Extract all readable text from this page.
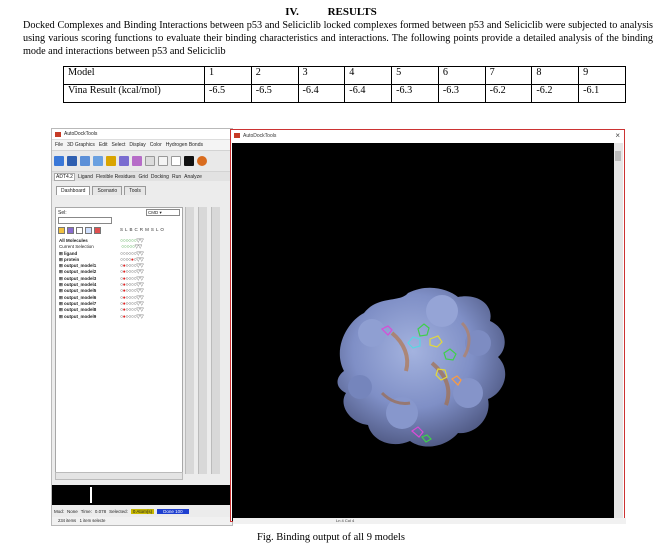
IV.	RESULTS
Docked Complexes and Binding Interactions between p53 and Seliciclib locked complexes formed between p53 and Seliciclib were subjected to analysis using various scoring functions to evaluate their binding characteristics and interactions. The following points provide a detailed analysis of the binding mode and interactions between p53 and Seliciclib
Model	1	2	3	4	5	6	7	8	9
Vina Result (kcal/mol)	-6.5	-6.5	-6.4	-6.4	-6.3	-6.3	-6.2	-6.2	-6.1
AutoDockTools
File 3D Graphics Edit Select Display Color Hydrogen Bonds
ADT4.2	Ligand Flexible Residues Grid Docking Run Analyze
Dashboard	Scenario	Tools
Sel:	CMD ▾
S L B C R M S L O
All Molecules
Current Selection
⊞ ligand
⊞ protein
⊞ output_model1
⊞ output_model2
⊞ output_model3
⊞ output_model4
⊞ output_model5
⊞ output_model6
⊞ output_model7
⊞ output_model8
⊞ output_model9
○○○○○○▽▽
○○○○○▽▽
○○○○○○▽▽
○○○○●○▽▽
○●○○○○▽▽
○●○○○○▽▽
○●○○○○▽▽
○●○○○○▽▽
○●○○○○▽▽
○●○○○○▽▽
○●○○○○▽▽
○●○○○○▽▽
○●○○○○▽▽
Mod: None Time: 0.078 Selected:	0 Atom(s)	Done 100
234 items 1 item selecte
AutoDockTools	×
Ln 4 Col 4
Fig. Binding output of all 9 models
